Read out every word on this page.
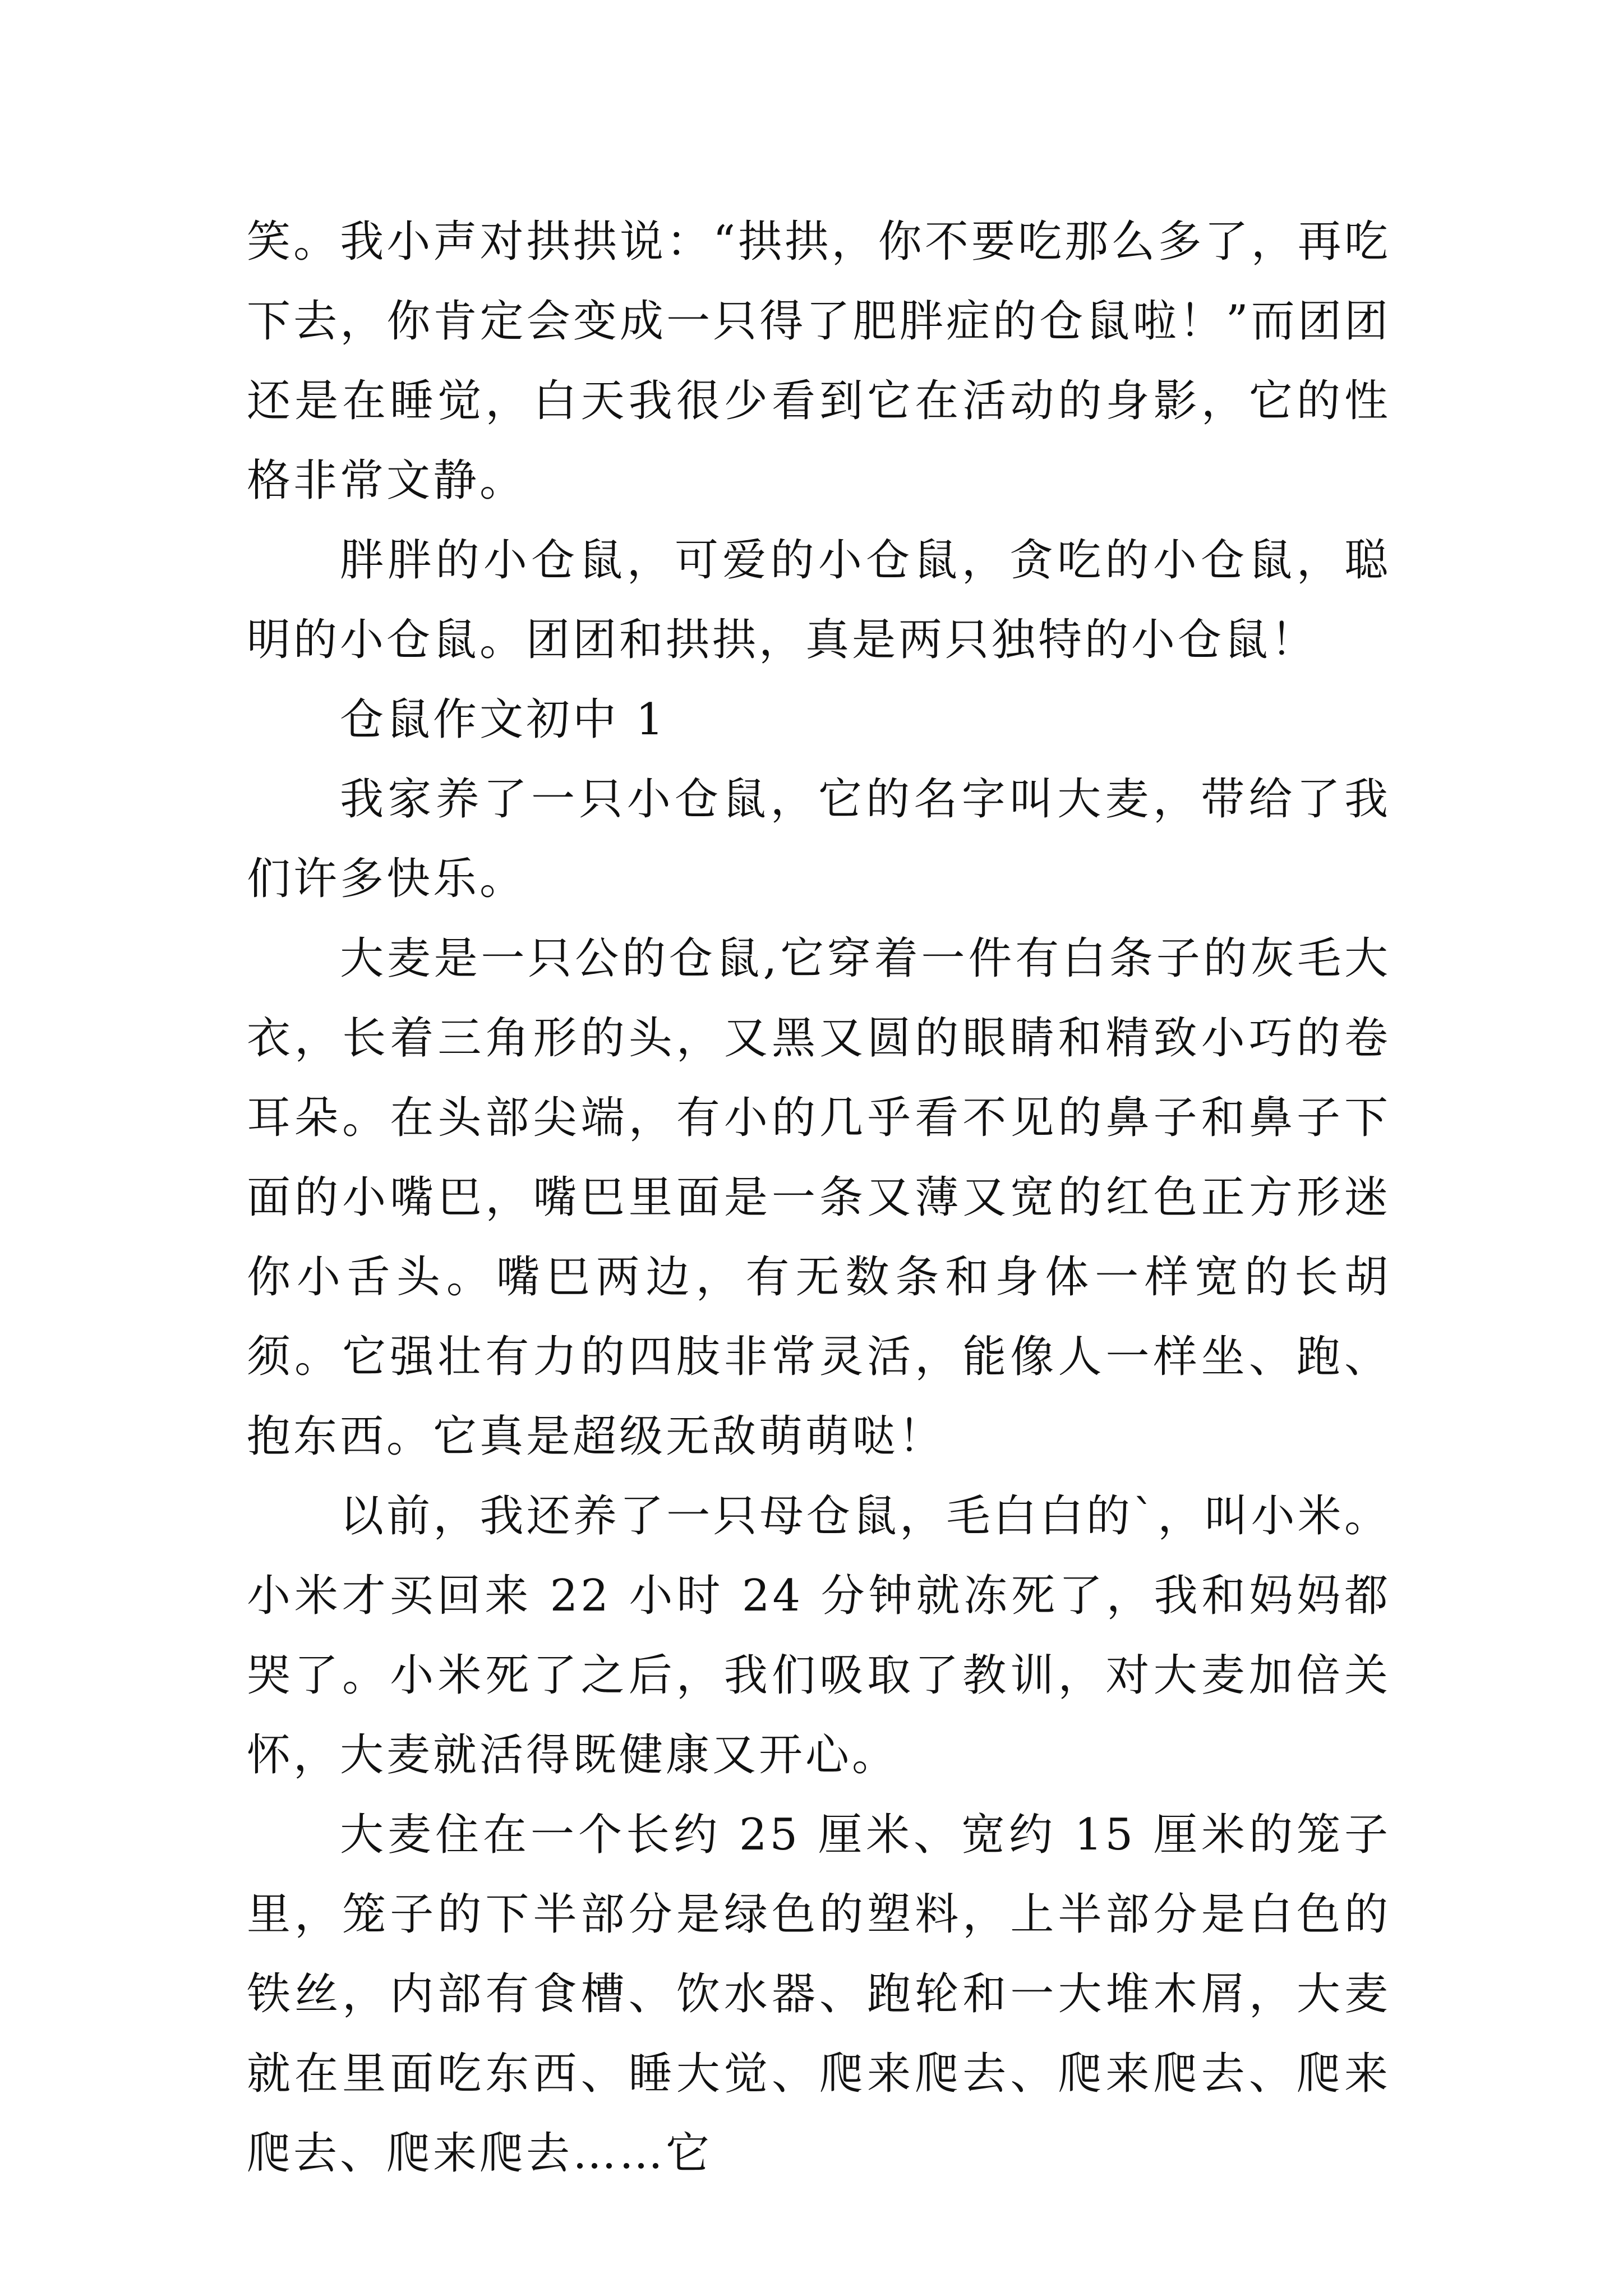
笑。我小声对拱拱说：“拱拱，你不要吃那么多了，再吃下去，你肯定会变成一只得了肥胖症的仓鼠啦！”而团团还是在睡觉，白天我很少看到它在活动的身影，它的性格非常文静。

胖胖的小仓鼠，可爱的小仓鼠，贪吃的小仓鼠，聪明的小仓鼠。团团和拱拱，真是两只独特的小仓鼠！

仓鼠作文初中 1

我家养了一只小仓鼠，它的名字叫大麦，带给了我们许多快乐。

大麦是一只公的仓鼠,它穿着一件有白条子的灰毛大衣，长着三角形的头，又黑又圆的眼睛和精致小巧的卷耳朵。在头部尖端，有小的几乎看不见的鼻子和鼻子下面的小嘴巴，嘴巴里面是一条又薄又宽的红色正方形迷你小舌头。嘴巴两边，有无数条和身体一样宽的长胡须。它强壮有力的四肢非常灵活，能像人一样坐、跑、抱东西。它真是超级无敌萌萌哒！

以前，我还养了一只母仓鼠，毛白白的`，叫小米。小米才买回来 22 小时 24 分钟就冻死了，我和妈妈都哭了。小米死了之后，我们吸取了教训，对大麦加倍关怀，大麦就活得既健康又开心。

大麦住在一个长约 25 厘米、宽约 15 厘米的笼子里，笼子的下半部分是绿色的塑料，上半部分是白色的铁丝，内部有食槽、饮水器、跑轮和一大堆木屑，大麦就在里面吃东西、睡大觉、爬来爬去、爬来爬去、爬来爬去、爬来爬去……它
